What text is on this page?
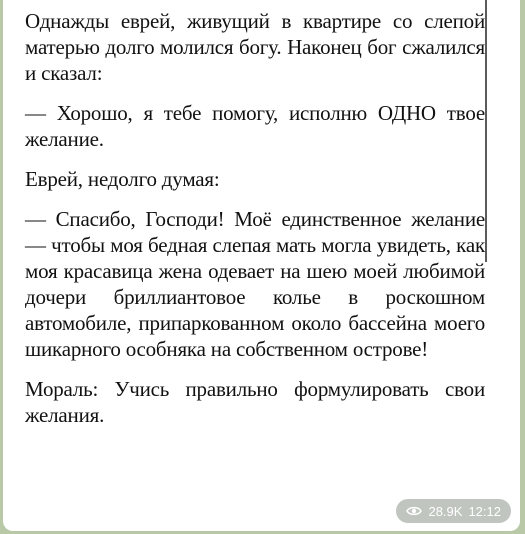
Однажды еврей, живущий в квартире со слепой матерью долго молился богу. Наконец бог сжалился и сказал:

— Хорошо, я тебе помогу, исполню ОДНО твое желание.

Еврей, недолго думая:

— Спасибо, Господи! Моё единственное желание — чтобы моя бедная слепая мать могла увидеть, как моя красавица жена одевает на шею моей любимой дочери бриллиантовое колье в роскошном автомобиле, припаркованном около бассейна моего шикарного особняка на собственном острове!

Мораль: Учись правильно формулировать свои желания.

28.9K 12:12
